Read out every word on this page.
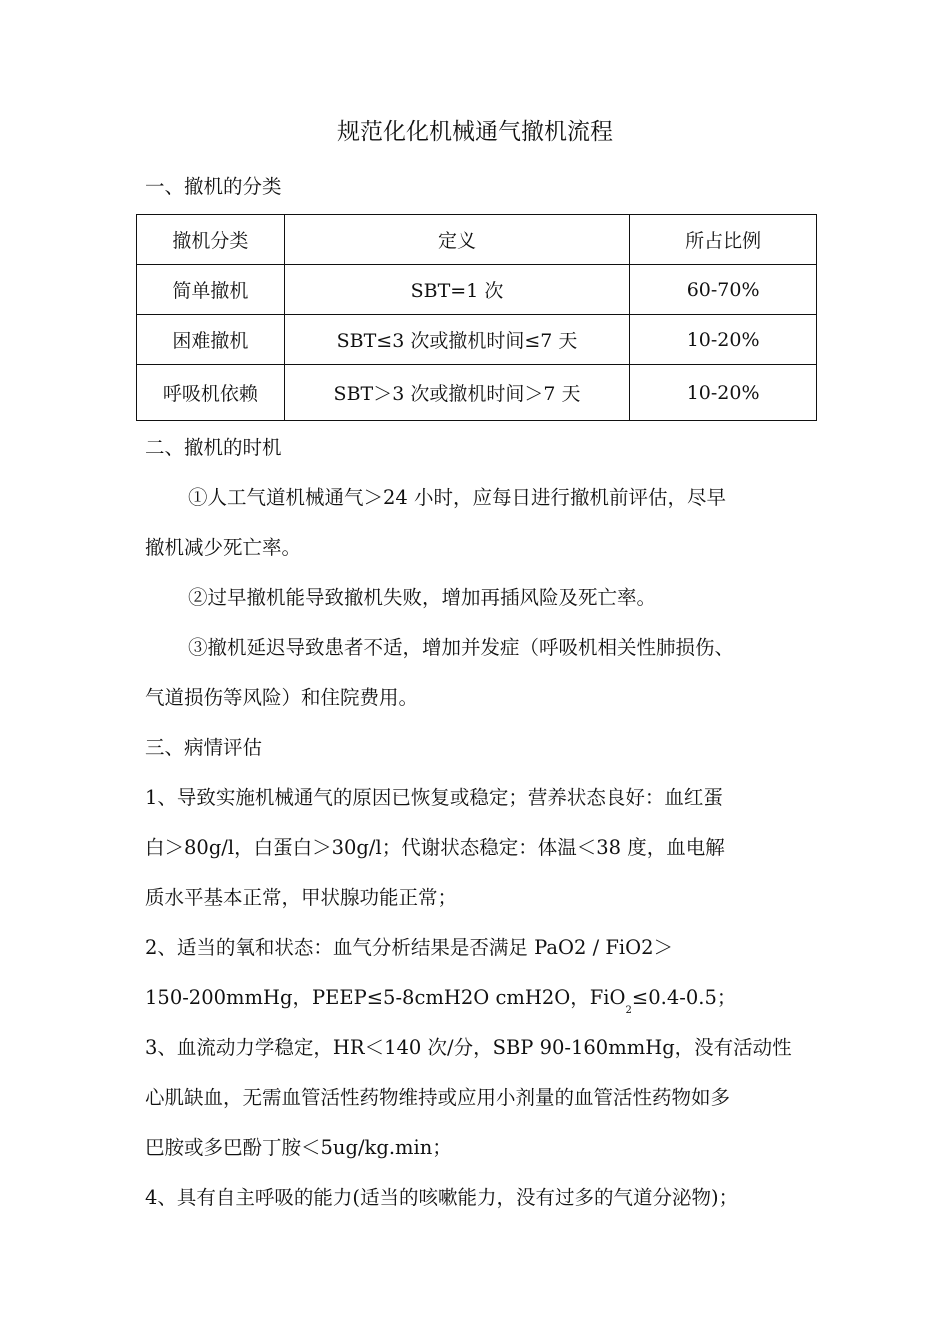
规范化化机械通气撤机流程
一、撤机的分类
撤机分类	定义	所占比例
简单撤机	SBT=1 次	60-70%
困难撤机	SBT≤3 次或撤机时间≤7 天	10-20%
呼吸机依赖	SBT＞3 次或撤机时间＞7 天	10-20%
二、撤机的时机
①人工气道机械通气＞24 小时，应每日进行撤机前评估，尽早
撤机减少死亡率。
②过早撤机能导致撤机失败，增加再插风险及死亡率。
③撤机延迟导致患者不适，增加并发症（呼吸机相关性肺损伤、
气道损伤等风险）和住院费用。
三、病情评估
1、导致实施机械通气的原因已恢复或稳定；营养状态良好：血红蛋
白＞80g/l，白蛋白＞30g/l；代谢状态稳定：体温＜38 度，血电解
质水平基本正常，甲状腺功能正常；
2、适当的氧和状态：血气分析结果是否满足 PaO2 / FiO2＞
150-200mmHg，PEEP≤5-8cmH2O cmH2O，FiO$_2$≤0.4-0.5；
3、血流动力学稳定，HR＜140 次/分，SBP 90-160mmHg，没有活动性
心肌缺血，无需血管活性药物维持或应用小剂量的血管活性药物如多
巴胺或多巴酚丁胺＜5ug/kg.min；
4、具有自主呼吸的能力(适当的咳嗽能力，没有过多的气道分泌物)；
